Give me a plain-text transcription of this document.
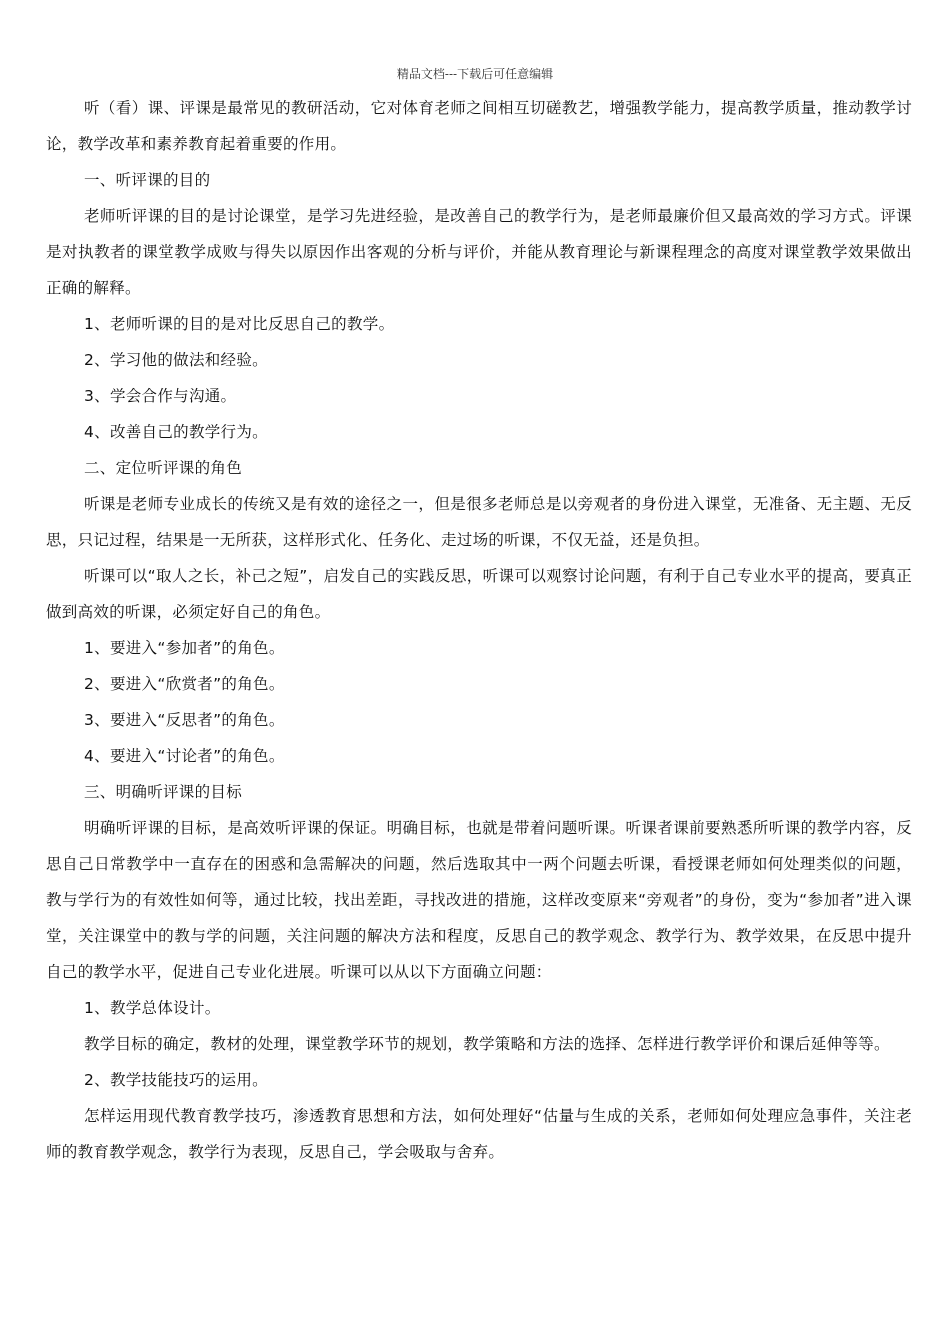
精品文档---下载后可任意编辑

听（看）课、评课是最常见的教研活动，它对体育老师之间相互切磋教艺，增强教学能力，提高教学质量，推动教学讨论，教学改革和素养教育起着重要的作用。

一、听评课的目的

老师听评课的目的是讨论课堂，是学习先进经验，是改善自己的教学行为，是老师最廉价但又最高效的学习方式。评课是对执教者的课堂教学成败与得失以原因作出客观的分析与评价，并能从教育理论与新课程理念的高度对课堂教学效果做出正确的解释。

1、老师听课的目的是对比反思自己的教学。

2、学习他的做法和经验。

3、学会合作与沟通。

4、改善自己的教学行为。

二、定位听评课的角色

听课是老师专业成长的传统又是有效的途径之一，但是很多老师总是以旁观者的身份进入课堂，无准备、无主题、无反思，只记过程，结果是一无所获，这样形式化、任务化、走过场的听课，不仅无益，还是负担。

听课可以“取人之长，补己之短”，启发自己的实践反思，听课可以观察讨论问题，有利于自己专业水平的提高，要真正做到高效的听课，必须定好自己的角色。

1、要进入“参加者”的角色。

2、要进入“欣赏者”的角色。

3、要进入“反思者”的角色。

4、要进入“讨论者”的角色。

三、明确听评课的目标

明确听评课的目标，是高效听评课的保证。明确目标，也就是带着问题听课。听课者课前要熟悉所听课的教学内容，反思自己日常教学中一直存在的困惑和急需解决的问题，然后选取其中一两个问题去听课，看授课老师如何处理类似的问题，教与学行为的有效性如何等，通过比较，找出差距，寻找改进的措施，这样改变原来“旁观者”的身份，变为“参加者”进入课堂，关注课堂中的教与学的问题，关注问题的解决方法和程度，反思自己的教学观念、教学行为、教学效果，在反思中提升自己的教学水平，促进自己专业化进展。听课可以从以下方面确立问题：

1、教学总体设计。

教学目标的确定，教材的处理，课堂教学环节的规划，教学策略和方法的选择、怎样进行教学评价和课后延伸等等。

2、教学技能技巧的运用。

怎样运用现代教育教学技巧，渗透教育思想和方法，如何处理好“估量与生成的关系，老师如何处理应急事件，关注老师的教育教学观念，教学行为表现，反思自己，学会吸取与舍弃。
